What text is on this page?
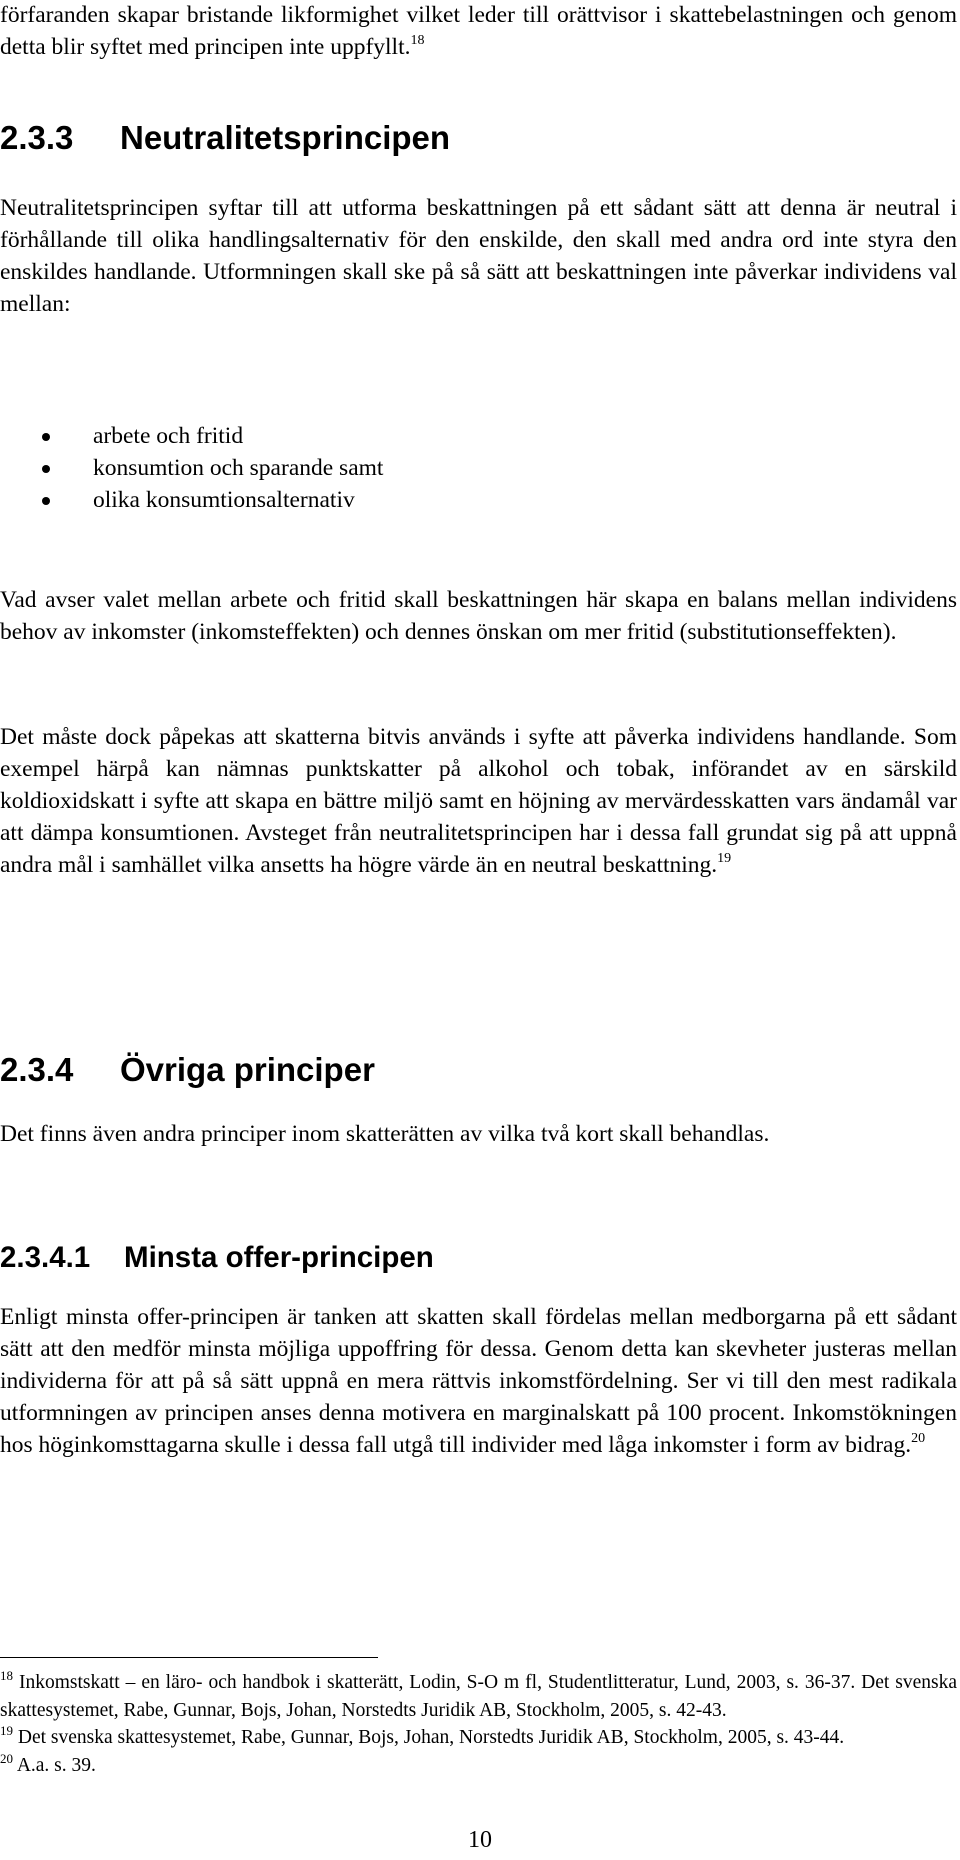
förfaranden skapar bristande likformighet vilket leder till orättvisor i skattebelastningen och genom detta blir syftet med principen inte uppfyllt.$^{18}$

2.3.3 Neutralitetsprincipen

Neutralitetsprincipen syftar till att utforma beskattningen på ett sådant sätt att denna är neutral i förhållande till olika handlingsalternativ för den enskilde, den skall med andra ord inte styra den enskildes handlande. Utformningen skall ske på så sätt att beskattningen inte påverkar individens val mellan:

arbete och fritid
konsumtion och sparande samt
olika konsumtionsalternativ

Vad avser valet mellan arbete och fritid skall beskattningen här skapa en balans mellan individens behov av inkomster (inkomsteffekten) och dennes önskan om mer fritid (substitutionseffekten).

Det måste dock påpekas att skatterna bitvis används i syfte att påverka individens handlande. Som exempel härpå kan nämnas punktskatter på alkohol och tobak, införandet av en särskild koldioxidskatt i syfte att skapa en bättre miljö samt en höjning av mervärdesskatten vars ändamål var att dämpa konsumtionen. Avsteget från neutralitetsprincipen har i dessa fall grundat sig på att uppnå andra mål i samhället vilka ansetts ha högre värde än en neutral beskattning.$^{19}$

2.3.4 Övriga principer

Det finns även andra principer inom skatterätten av vilka två kort skall behandlas.

2.3.4.1 Minsta offer-principen

Enligt minsta offer-principen är tanken att skatten skall fördelas mellan medborgarna på ett sådant sätt att den medför minsta möjliga uppoffring för dessa. Genom detta kan skevheter justeras mellan individerna för att på så sätt uppnå en mera rättvis inkomstfördelning. Ser vi till den mest radikala utformningen av principen anses denna motivera en marginalskatt på 100 procent. Inkomstökningen hos höginkomsttagarna skulle i dessa fall utgå till individer med låga inkomster i form av bidrag.$^{20}$

$^{18}$ Inkomstskatt – en läro- och handbok i skatterätt, Lodin, S-O m fl, Studentlitteratur, Lund, 2003, s. 36-37. Det svenska skattesystemet, Rabe, Gunnar, Bojs, Johan, Norstedts Juridik AB, Stockholm, 2005, s. 42-43.

$^{19}$ Det svenska skattesystemet, Rabe, Gunnar, Bojs, Johan, Norstedts Juridik AB, Stockholm, 2005, s. 43-44.

$^{20}$ A.a. s. 39.

10
